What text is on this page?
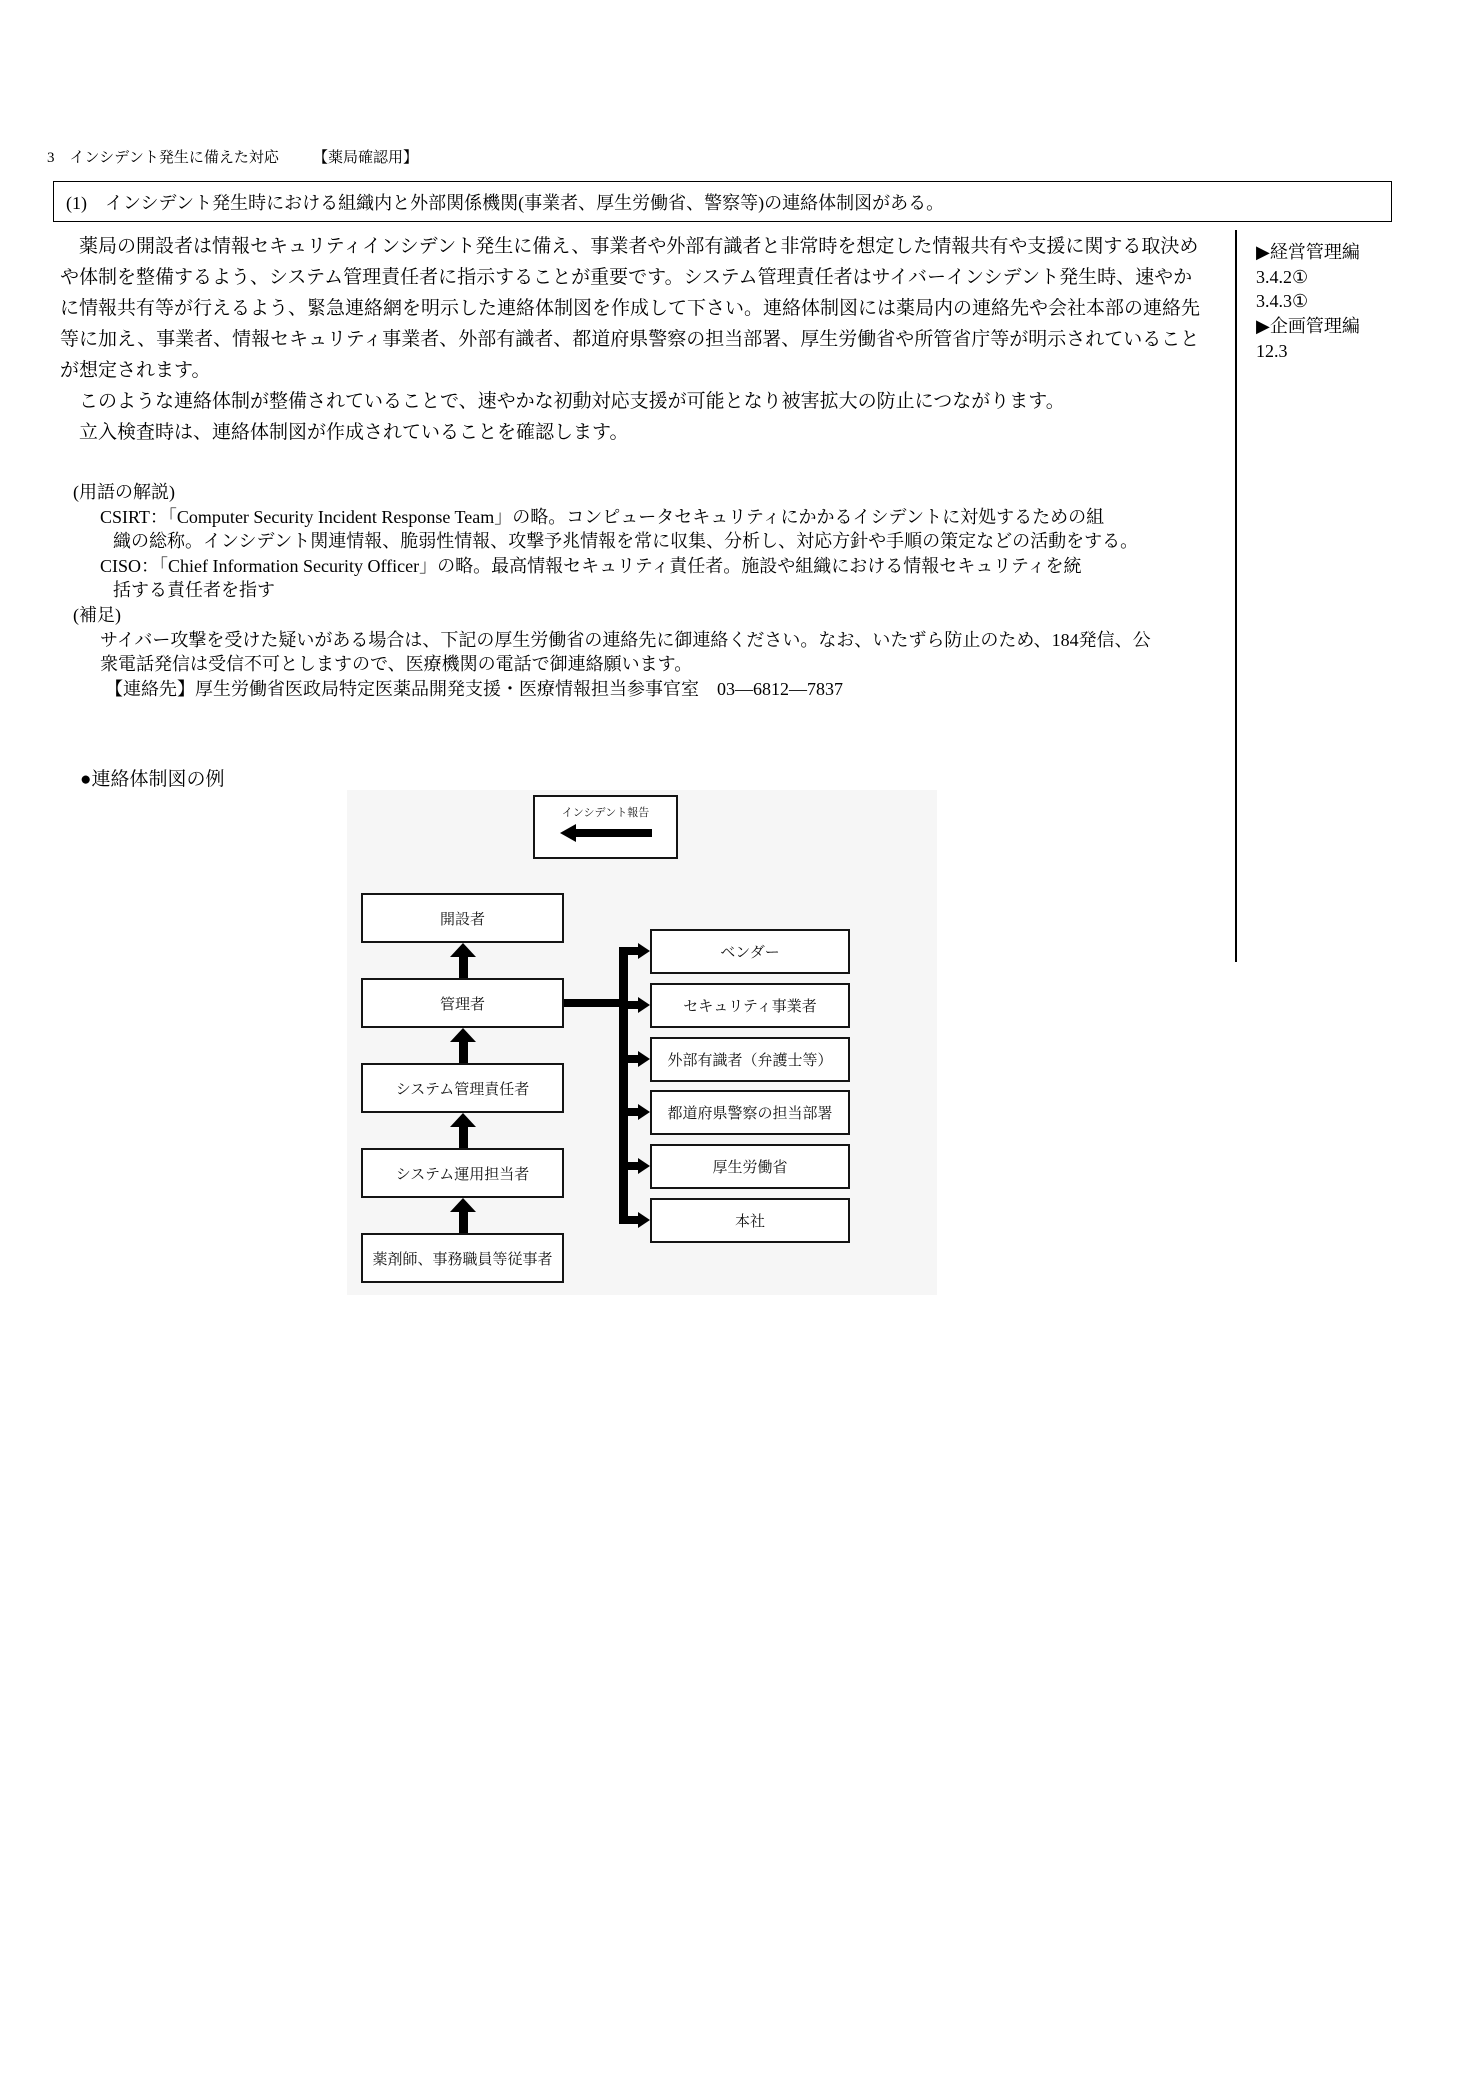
3　インシデント発生に備えた対応 【薬局確認用】
(1)　インシデント発生時における組織内と外部関係機関(事業者、厚生労働省、警察等)の連絡体制図がある。
　薬局の開設者は情報セキュリティインシデント発生に備え、事業者や外部有識者と非常時を想定した情報共有や支援に関する取決め
や体制を整備するよう、システム管理責任者に指示することが重要です。システム管理責任者はサイバーインシデント発生時、速やか
に情報共有等が行えるよう、緊急連絡網を明示した連絡体制図を作成して下さい。連絡体制図には薬局内の連絡先や会社本部の連絡先
等に加え、事業者、情報セキュリティ事業者、外部有識者、都道府県警察の担当部署、厚生労働省や所管省庁等が明示されていること
が想定されます。
　このような連絡体制が整備されていることで、速やかな初動対応支援が可能となり被害拡大の防止につながります。
　立入検査時は、連絡体制図が作成されていることを確認します。
(用語の解説)
CSIRT：「Computer Security Incident Response Team」の略。コンピュータセキュリティにかかるイシデントに対処するための組
織の総称。インシデント関連情報、脆弱性情報、攻撃予兆情報を常に収集、分析し、対応方針や手順の策定などの活動をする。
CISO：「Chief Information Security Officer」の略。最高情報セキュリティ責任者。施設や組織における情報セキュリティを統
括する責任者を指す
(補足)
サイバー攻撃を受けた疑いがある場合は、下記の厚生労働省の連絡先に御連絡ください。なお、いたずら防止のため、184発信、公
衆電話発信は受信不可としますので、医療機関の電話で御連絡願います。
【連絡先】厚生労働省医政局特定医薬品開発支援・医療情報担当参事官室　03—6812—7837
▶経営管理編
3.4.2①
3.4.3①
▶企画管理編
12.3
●連絡体制図の例
インシデント報告
開設者
管理者
システム管理責任者
システム運用担当者
薬剤師、事務職員等従事者
ベンダー
セキュリティ事業者
外部有識者（弁護士等）
都道府県警察の担当部署
厚生労働省
本社
